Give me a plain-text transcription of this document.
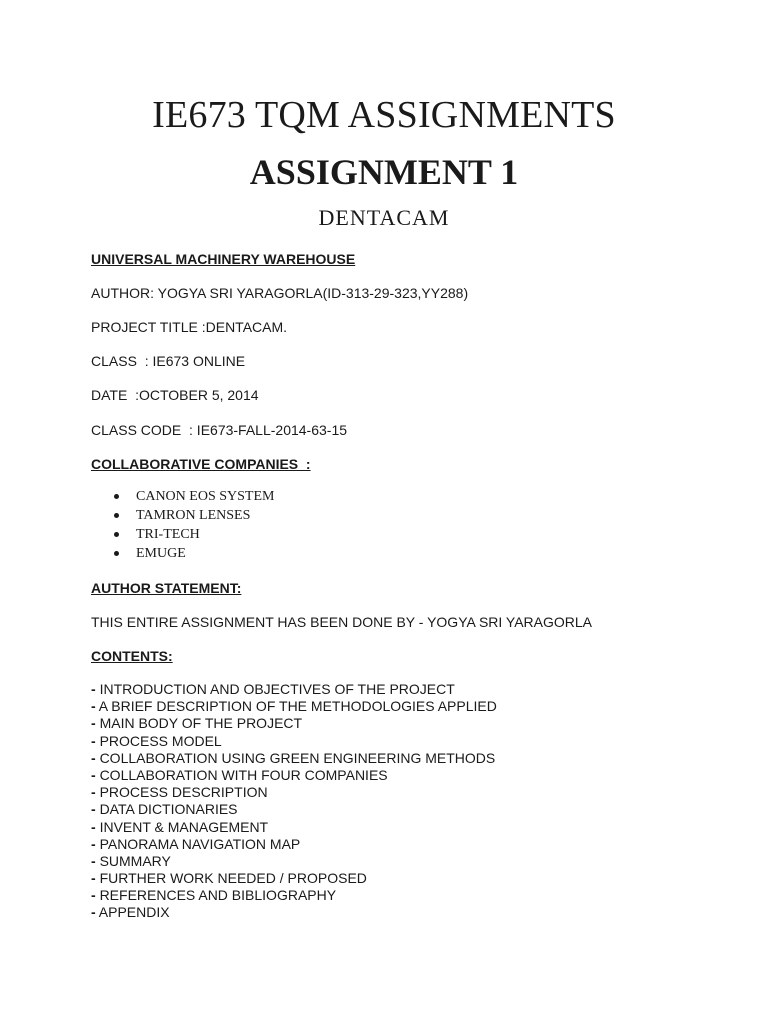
IE673 TQM ASSIGNMENTS
ASSIGNMENT 1
DENTACAM
UNIVERSAL MACHINERY WAREHOUSE
AUTHOR: YOGYA SRI YARAGORLA(ID-313-29-323,YY288)
PROJECT TITLE :DENTACAM.
CLASS  : IE673 ONLINE
DATE  :OCTOBER 5, 2014
CLASS CODE  : IE673-FALL-2014-63-15
COLLABORATIVE COMPANIES  :
CANON EOS SYSTEM
TAMRON LENSES
TRI-TECH
EMUGE
AUTHOR STATEMENT:
THIS ENTIRE ASSIGNMENT HAS BEEN DONE BY - YOGYA SRI YARAGORLA
CONTENTS:
- INTRODUCTION AND OBJECTIVES OF THE PROJECT
- A BRIEF DESCRIPTION OF THE METHODOLOGIES APPLIED
- MAIN BODY OF THE PROJECT
- PROCESS MODEL
- COLLABORATION USING GREEN ENGINEERING METHODS
- COLLABORATION WITH FOUR COMPANIES
- PROCESS DESCRIPTION
- DATA DICTIONARIES
- INVENT & MANAGEMENT
- PANORAMA NAVIGATION MAP
- SUMMARY
- FURTHER WORK NEEDED / PROPOSED
- REFERENCES AND BIBLIOGRAPHY
- APPENDIX
